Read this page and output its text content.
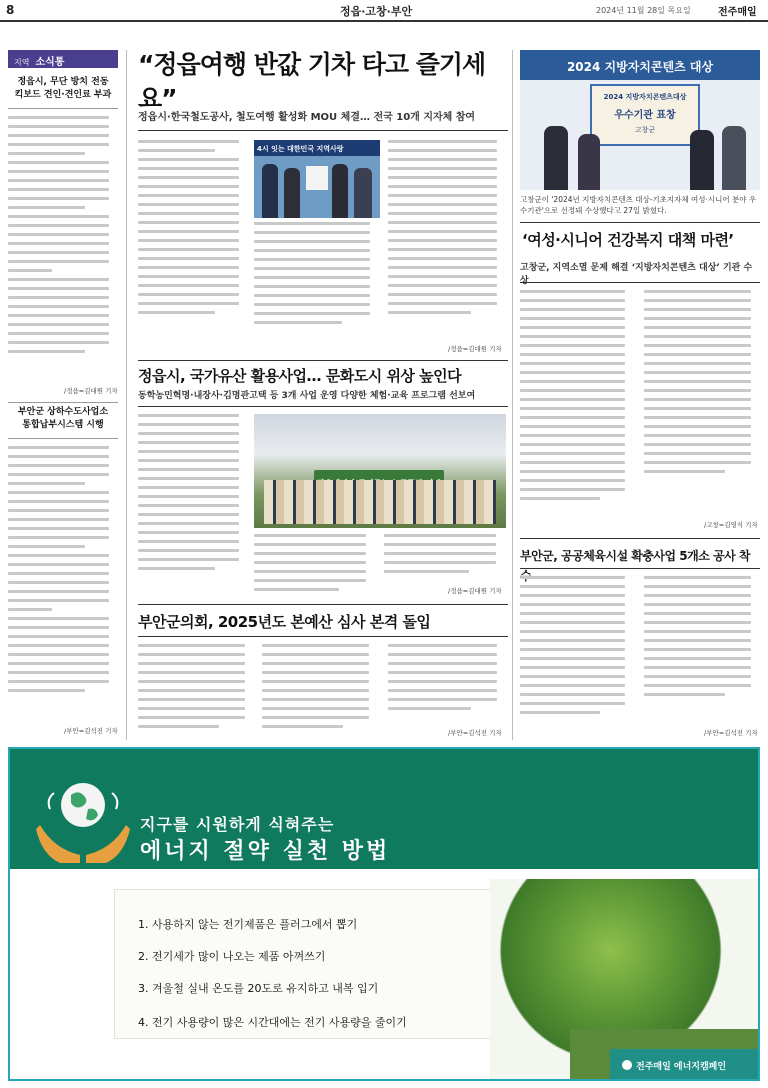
8	정읍·고창·부안	2024년 11월 28일 목요일	전주매일
지역 소식통
정읍시, 무단 방치 전동
킥보드 견인·견인료 부과
/정읍=김대원 기자
부안군 상하수도사업소
통합납부시스템 시행
/부안=김석진 기자
“정읍여행 반값 기차 타고 즐기세요”
정읍시·한국철도공사, 철도여행 활성화 MOU 체결… 전국 10개 지자체 참여
4시 잇는 대한민국 지역사랑
/정읍=김대원 기자
정읍시, 국가유산 활용사업… 문화도시 위상 높인다
동학농민혁명·내장사·김명관고택 등 3개 사업 운영 다양한 체험·교육 프로그램 선보여
/정읍=김대원 기자
부안군의회, 2025년도 본예산 심사 본격 돌입
/부안=김석진 기자
2024 지방자치콘텐츠 대상
2024 지방자치콘텐츠대상
우수기관 표창
고창군
고창군이 '2024년 지방자치콘텐츠 대상-기초지자체 여성·시니어 분야 우수기관'으로 선정돼 수상했다고 27일 밝혔다.
‘여성·시니어 건강복지 대책 마련’
고창군, 지역소멸 문제 해결 ‘지방자치콘텐츠 대상’ 기관 수상
/고창=김영식 기자
부안군, 공공체육시설 확충사업 5개소 공사 착
/부안=김석진 기자
지구를 시원하게 식혀주는
에너지 절약 실천 방법
1. 사용하지 않는 전기제품은 플러그에서 뽑기
2. 전기세가 많이 나오는 제품 아껴쓰기
3. 겨울철 실내 온도를 20도로 유지하고 내복 입기
4. 전기 사용량이 많은 시간대에는 전기 사용량을 줄이기
전주매일 에너지캠페인
